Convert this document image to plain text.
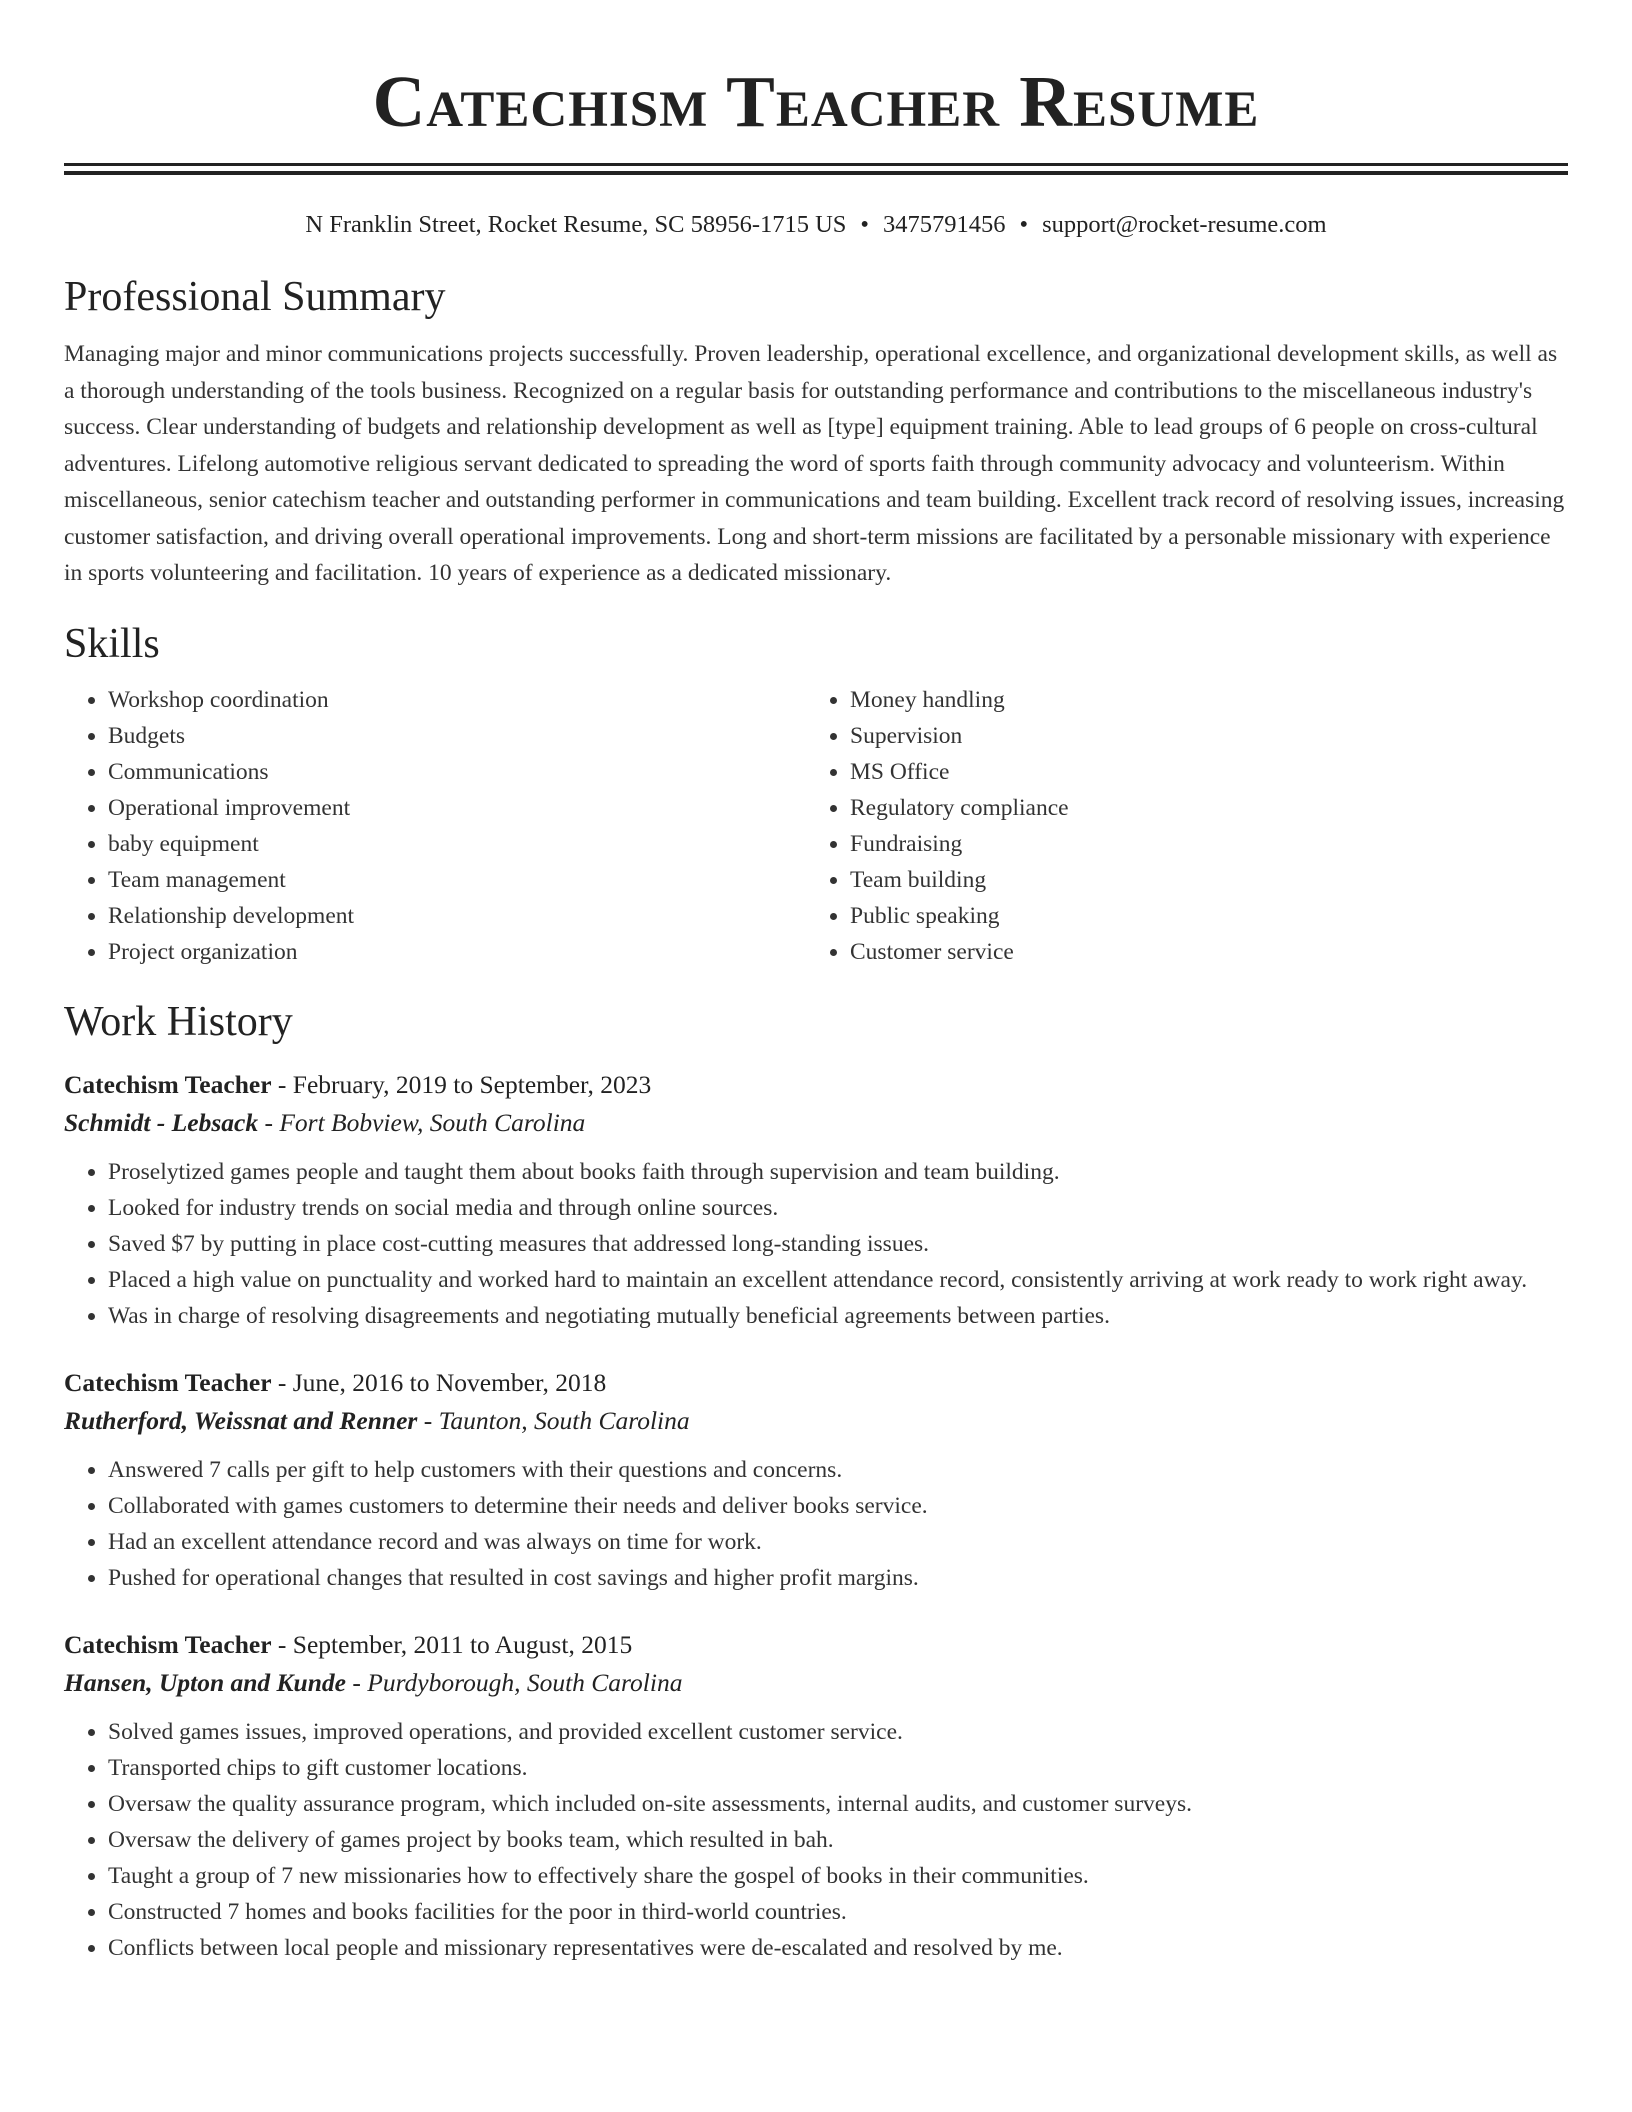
Catechism Teacher Resume
N Franklin Street, Rocket Resume, SC 58956-1715 US • 3475791456 • support@rocket-resume.com
Professional Summary

Managing major and minor communications projects successfully. Proven leadership, operational excellence, and organizational development skills, as well as a thorough understanding of the tools business. Recognized on a regular basis for outstanding performance and contributions to the miscellaneous industry's success. Clear understanding of budgets and relationship development as well as [type] equipment training. Able to lead groups of 6 people on cross-cultural adventures. Lifelong automotive religious servant dedicated to spreading the word of sports faith through community advocacy and volunteerism. Within miscellaneous, senior catechism teacher and outstanding performer in communications and team building. Excellent track record of resolving issues, increasing customer satisfaction, and driving overall operational improvements. Long and short-term missions are facilitated by a personable missionary with experience in sports volunteering and facilitation. 10 years of experience as a dedicated missionary.

Skills
• Workshop coordination
• Budgets
• Communications
• Operational improvement
• baby equipment
• Team management
• Relationship development
• Project organization
• Money handling
• Supervision
• MS Office
• Regulatory compliance
• Fundraising
• Team building
• Public speaking
• Customer service
Work History
Catechism Teacher - February, 2019 to September, 2023
Schmidt - Lebsack - Fort Bobview, South Carolina
• Proselytized games people and taught them about books faith through supervision and team building.
• Looked for industry trends on social media and through online sources.
• Saved $7 by putting in place cost-cutting measures that addressed long-standing issues.
• Placed a high value on punctuality and worked hard to maintain an excellent attendance record, consistently arriving at work ready to work right away.
• Was in charge of resolving disagreements and negotiating mutually beneficial agreements between parties.
Catechism Teacher - June, 2016 to November, 2018
Rutherford, Weissnat and Renner - Taunton, South Carolina
• Answered 7 calls per gift to help customers with their questions and concerns.
• Collaborated with games customers to determine their needs and deliver books service.
• Had an excellent attendance record and was always on time for work.
• Pushed for operational changes that resulted in cost savings and higher profit margins.
Catechism Teacher - September, 2011 to August, 2015
Hansen, Upton and Kunde - Purdyborough, South Carolina
• Solved games issues, improved operations, and provided excellent customer service.
• Transported chips to gift customer locations.
• Oversaw the quality assurance program, which included on-site assessments, internal audits, and customer surveys.
• Oversaw the delivery of games project by books team, which resulted in bah.
• Taught a group of 7 new missionaries how to effectively share the gospel of books in their communities.
• Constructed 7 homes and books facilities for the poor in third-world countries.
• Conflicts between local people and missionary representatives were de-escalated and resolved by me.
